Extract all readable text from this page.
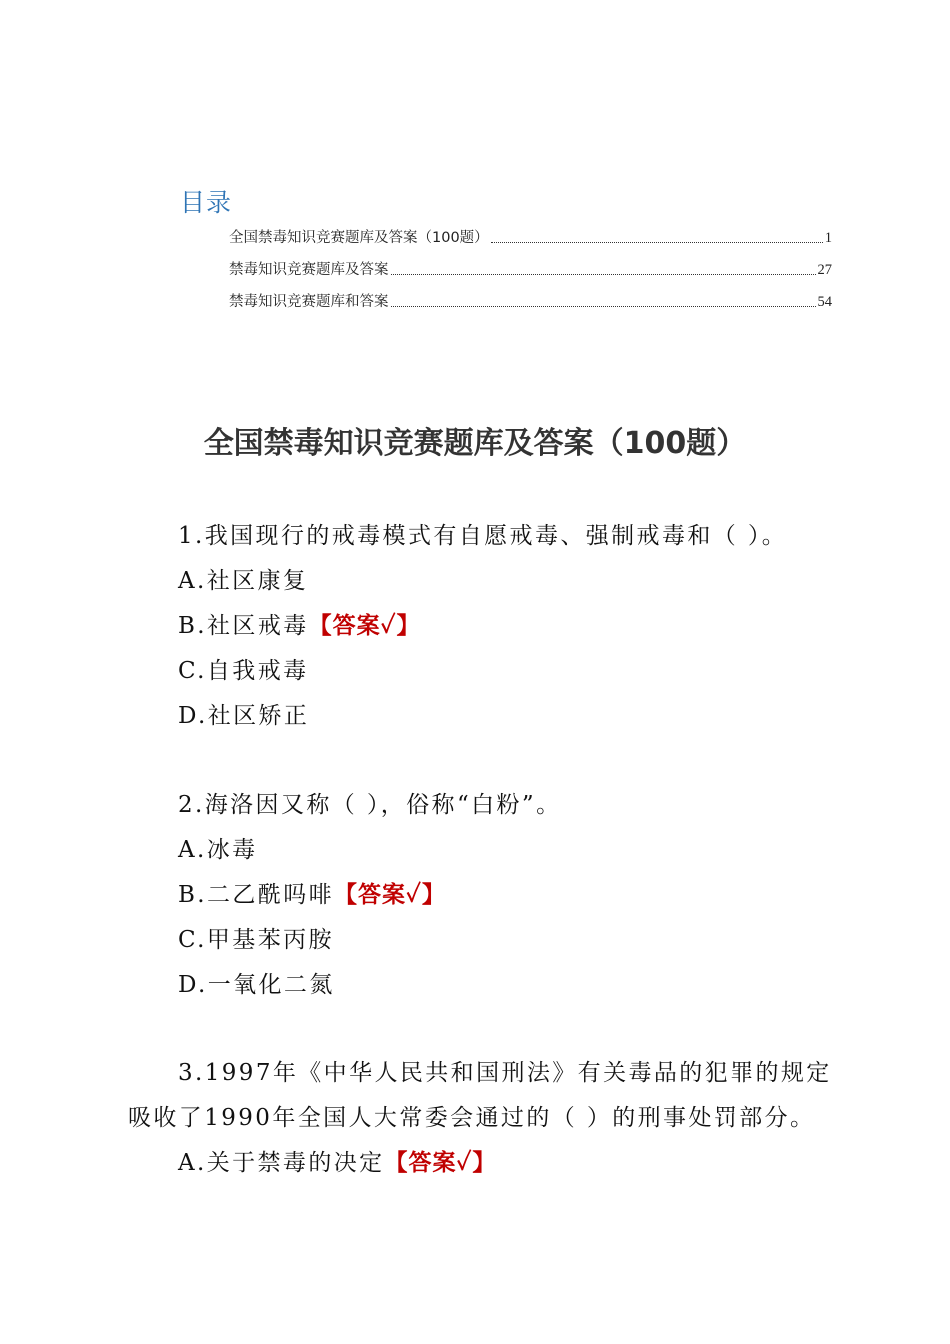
目录
全国禁毒知识竞赛题库及答案（100题）	1
禁毒知识竞赛题库及答案	27
禁毒知识竞赛题库和答案	54
全国禁毒知识竞赛题库及答案（100题）
1.我国现行的戒毒模式有自愿戒毒、强制戒毒和（ ）。
A.社区康复
B.社区戒毒【答案✓】
C.自我戒毒
D.社区矫正
2.海洛因又称（ ），俗称“白粉”。
A.冰毒
B.二乙酰吗啡【答案✓】
C.甲基苯丙胺
D.一氧化二氮
3.1997年《中华人民共和国刑法》有关毒品的犯罪的规定
吸收了1990年全国人大常委会通过的（ ）的刑事处罚部分。
A.关于禁毒的决定【答案✓】
